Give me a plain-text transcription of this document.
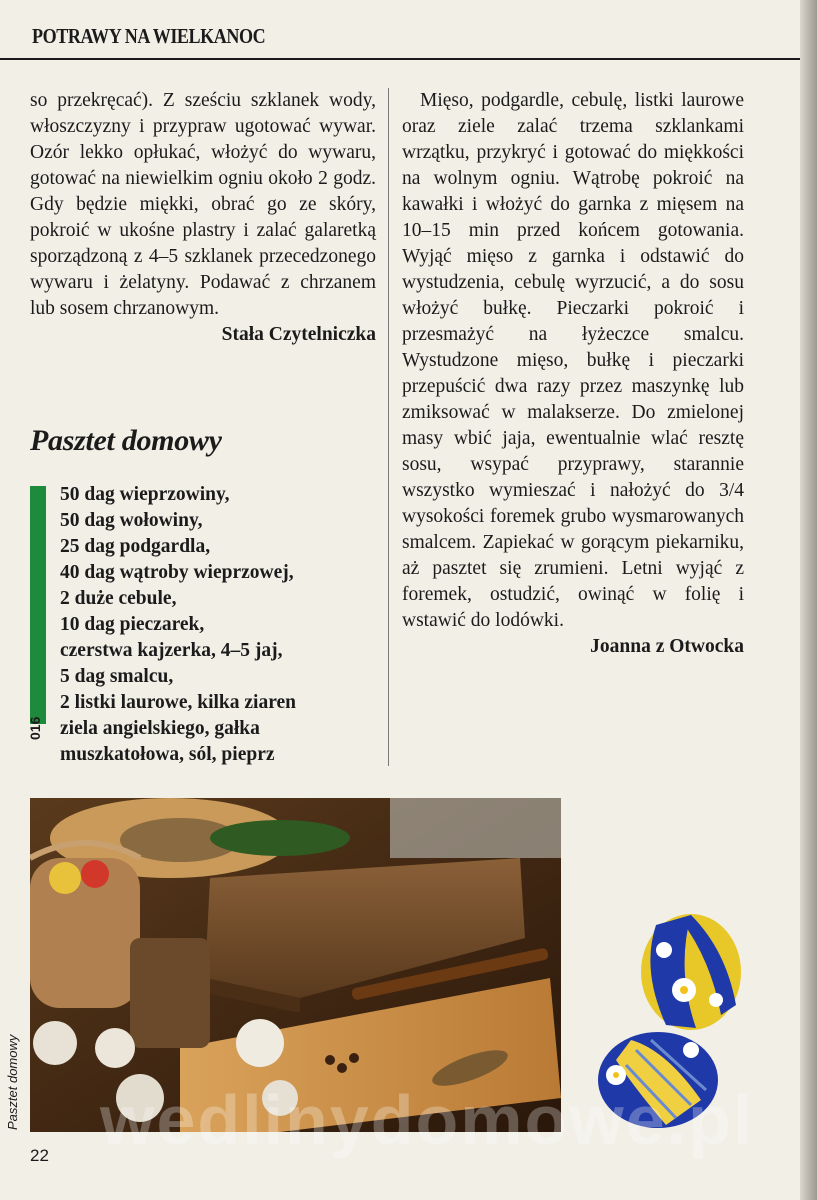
POTRAWY NA WIELKANOC

so przekręcać). Z sześciu szklanek wody, włoszczyzny i przypraw ugotować wywar. Ozór lekko opłukać, włożyć do wywaru, gotować na niewielkim ogniu około 2 godz. Gdy będzie miękki, obrać go ze skóry, pokroić w ukośne plastry i zalać galaretką sporządzoną z 4–5 szklanek przecedzonego wywaru i żelatyny. Podawać z chrzanem lub sosem chrzanowym.

Stała Czytelniczka

Pasztet domowy
016
50 dag wieprzowiny,
50 dag wołowiny,
25 dag podgardla,
40 dag wątroby wieprzowej,
2 duże cebule,
10 dag pieczarek,
czerstwa kajzerka, 4–5 jaj,
5 dag smalcu,
2 listki laurowe, kilka ziaren
ziela angielskiego, gałka
muszkatołowa, sól, pieprz

Mięso, podgardle, cebulę, listki laurowe oraz ziele zalać trzema szklankami wrzątku, przykryć i gotować do miękkości na wolnym ogniu. Wątrobę pokroić na kawałki i włożyć do garnka z mięsem na 10–15 min przed końcem gotowania. Wyjąć mięso z garnka i odstawić do wystudzenia, cebulę wyrzucić, a do sosu włożyć bułkę. Pieczarki pokroić i przesmażyć na łyżeczce smalcu. Wystudzone mięso, bułkę i pieczarki przepuścić dwa razy przez maszynkę lub zmiksować w malakserze. Do zmielonej masy wbić jaja, ewentualnie wlać resztę sosu, wsypać przyprawy, starannie wszystko wymieszać i nałożyć do 3/4 wysokości foremek grubo wysmarowanych smalcem. Zapiekać w gorącym piekarniku, aż pasztet się zrumieni. Letni wyjąć z foremek, ostudzić, owinąć w folię i wstawić do lodówki.

Joanna z Otwocka

wedlinydomowe.pl
Pasztet domowy
22
